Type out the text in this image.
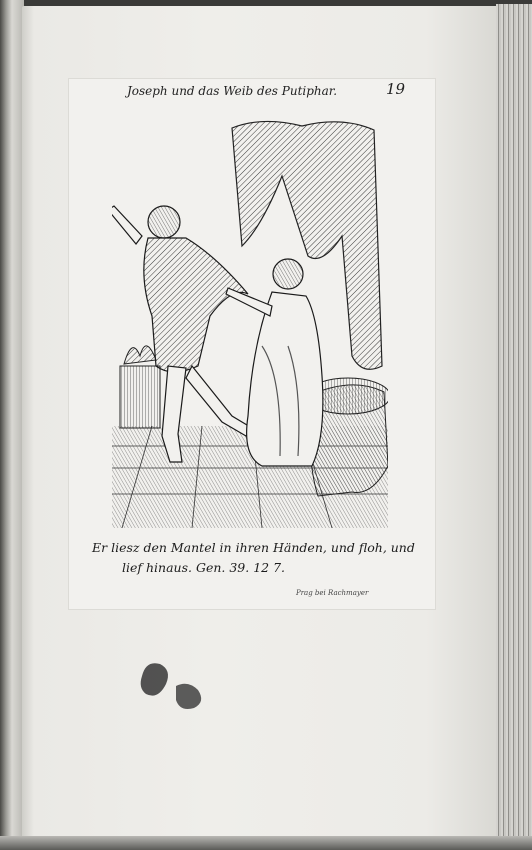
Joseph und das Weib des Putiphar.	19
Er liesz den Mantel in ihren Händen, und floh, und
lief hinaus. Gen. 39. 12 7.
Prag bei Rachmayer
